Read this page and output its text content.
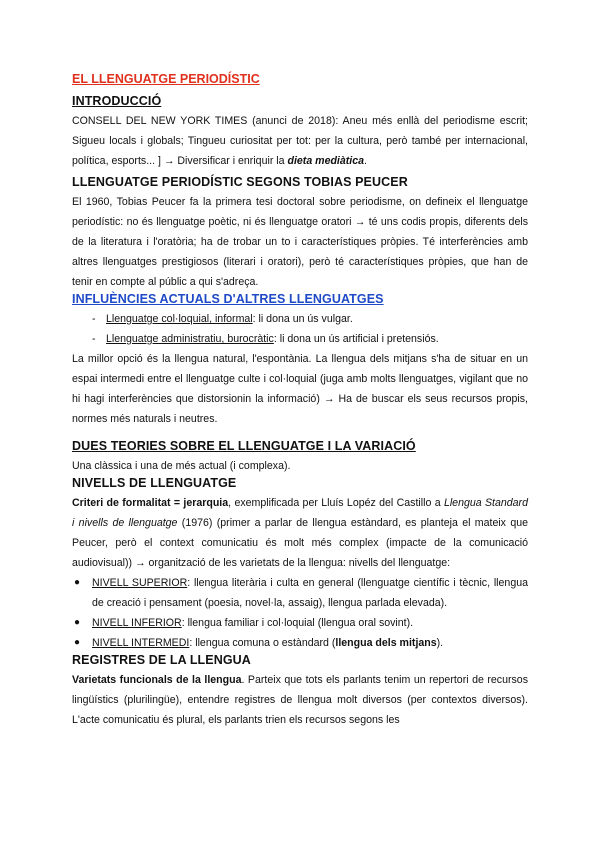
EL LLENGUATGE PERIODÍSTIC
INTRODUCCIÓ

CONSELL DEL NEW YORK TIMES (anunci de 2018): Aneu més enllà del periodisme escrit; Sigueu locals i globals; Tingueu curiositat per tot: per la cultura, però també per internacional, política, esports... ] → Diversificar i enriquir la dieta mediàtica.

LLENGUATGE PERIODÍSTIC SEGONS TOBIAS PEUCER

El 1960, Tobias Peucer fa la primera tesi doctoral sobre periodisme, on defineix el llenguatge periodístic: no és llenguatge poètic, ni és llenguatge oratori → té uns codis propis, diferents dels de la literatura i l'oratòria; ha de trobar un to i característiques pròpies. Té interferències amb altres llenguatges prestigiosos (literari i oratori), però té característiques pròpies, que han de tenir en compte al públic a qui s'adreça.

INFLUÈNCIES ACTUALS D'ALTRES LLENGUATGES
- Llenguatge col·loquial, informal: li dona un ús vulgar.
- Llenguatge administratiu, burocràtic: li dona un ús artificial i pretensiós.

La millor opció és la llengua natural, l'espontània. La llengua dels mitjans s'ha de situar en un espai intermedi entre el llenguatge culte i col·loquial (juga amb molts llenguatges, vigilant que no hi hagi interferències que distorsionin la informació) → Ha de buscar els seus recursos propis, normes més naturals i neutres.

DUES TEORIES SOBRE EL LLENGUATGE I LA VARIACIÓ

Una clàssica i una de més actual (i complexa).

NIVELLS DE LLENGUATGE

Criteri de formalitat = jerarquia, exemplificada per Lluís Lopéz del Castillo a Llengua Standard i nivells de llenguatge (1976) (primer a parlar de llengua estàndard, es planteja el mateix que Peucer, però el context comunicatiu és molt més complex (impacte de la comunicació audiovisual)) → organització de les varietats de la llengua: nivells del llenguatge:

● NIVELL SUPERIOR: llengua literària i culta en general (llenguatge científic i tècnic, llengua de creació i pensament (poesia, novel·la, assaig), llengua parlada elevada).
● NIVELL INFERIOR: llengua familiar i col·loquial (llengua oral sovint).
● NIVELL INTERMEDI: llengua comuna o estàndard (llengua dels mitjans).
REGISTRES DE LA LLENGUA

Varietats funcionals de la llengua. Parteix que tots els parlants tenim un repertori de recursos lingüístics (plurilingüe), entendre registres de llengua molt diversos (per contextos diversos). L'acte comunicatiu és plural, els parlants trien els recursos segons les
